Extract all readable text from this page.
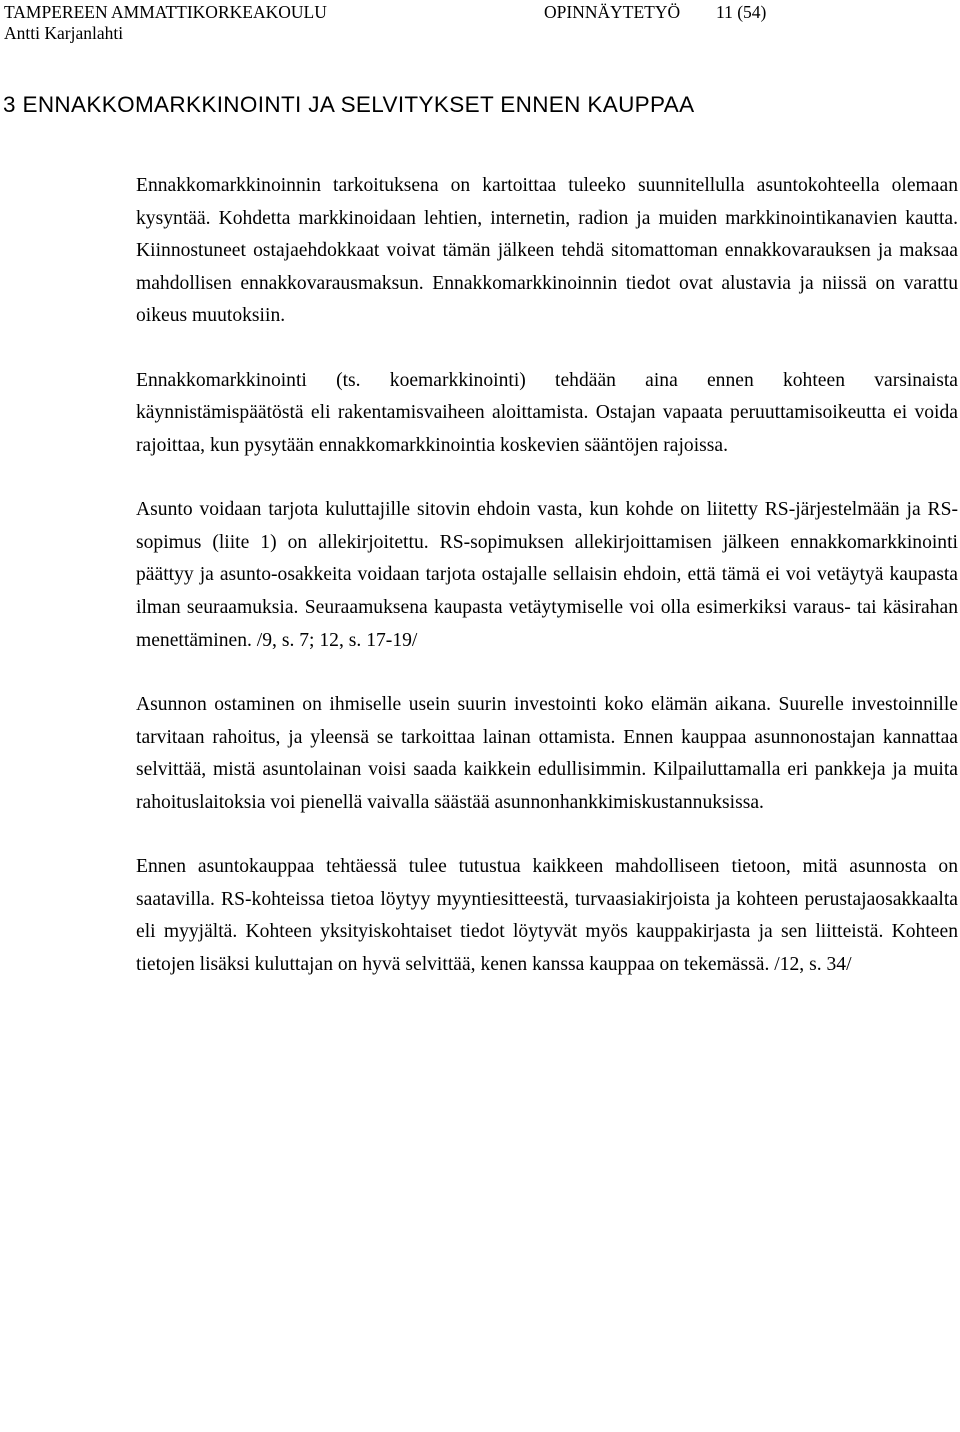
TAMPEREEN AMMATTIKORKEAKOULU	OPINNÄYTETYÖ	11 (54)
Antti Karjanlahti
3 ENNAKKOMARKKINOINTI JA SELVITYKSET ENNEN KAUPPAA

Ennakkomarkkinoinnin tarkoituksena on kartoittaa tuleeko suunnitellulla asuntokohteella olemaan kysyntää. Kohdetta markkinoidaan lehtien, internetin, radion ja muiden markkinointikanavien kautta. Kiinnostuneet ostajaehdokkaat voivat tämän jälkeen tehdä sitomattoman ennakkovarauksen ja maksaa mahdollisen ennakkovarausmaksun. Ennakkomarkkinoinnin tiedot ovat alustavia ja niissä on varattu oikeus muutoksiin.

Ennakkomarkkinointi (ts. koemarkkinointi) tehdään aina ennen kohteen varsinaista käynnistämispäätöstä eli rakentamisvaiheen aloittamista. Ostajan vapaata peruuttamisoikeutta ei voida rajoittaa, kun pysytään ennakkomarkkinointia koskevien sääntöjen rajoissa.

Asunto voidaan tarjota kuluttajille sitovin ehdoin vasta, kun kohde on liitetty RS-järjestelmään ja RS-sopimus (liite 1) on allekirjoitettu. RS-sopimuksen allekirjoittamisen jälkeen ennakkomarkkinointi päättyy ja asunto-osakkeita voidaan tarjota ostajalle sellaisin ehdoin, että tämä ei voi vetäytyä kaupasta ilman seuraamuksia. Seuraamuksena kaupasta vetäytymiselle voi olla esimerkiksi varaus- tai käsirahan menettäminen. /9, s. 7; 12, s. 17-19/

Asunnon ostaminen on ihmiselle usein suurin investointi koko elämän aikana. Suurelle investoinnille tarvitaan rahoitus, ja yleensä se tarkoittaa lainan ottamista. Ennen kauppaa asunnonostajan kannattaa selvittää, mistä asuntolainan voisi saada kaikkein edullisimmin. Kilpailuttamalla eri pankkeja ja muita rahoituslaitoksia voi pienellä vaivalla säästää asunnonhankkimiskustannuksissa.

Ennen asuntokauppaa tehtäessä tulee tutustua kaikkeen mahdolliseen tietoon, mitä asunnosta on saatavilla. RS-kohteissa tietoa löytyy myyntiesitteestä, turvaasiakirjoista ja kohteen perustajaosakkaalta eli myyjältä. Kohteen yksityiskohtaiset tiedot löytyvät myös kauppakirjasta ja sen liitteistä. Kohteen tietojen lisäksi kuluttajan on hyvä selvittää, kenen kanssa kauppaa on tekemässä. /12, s. 34/
